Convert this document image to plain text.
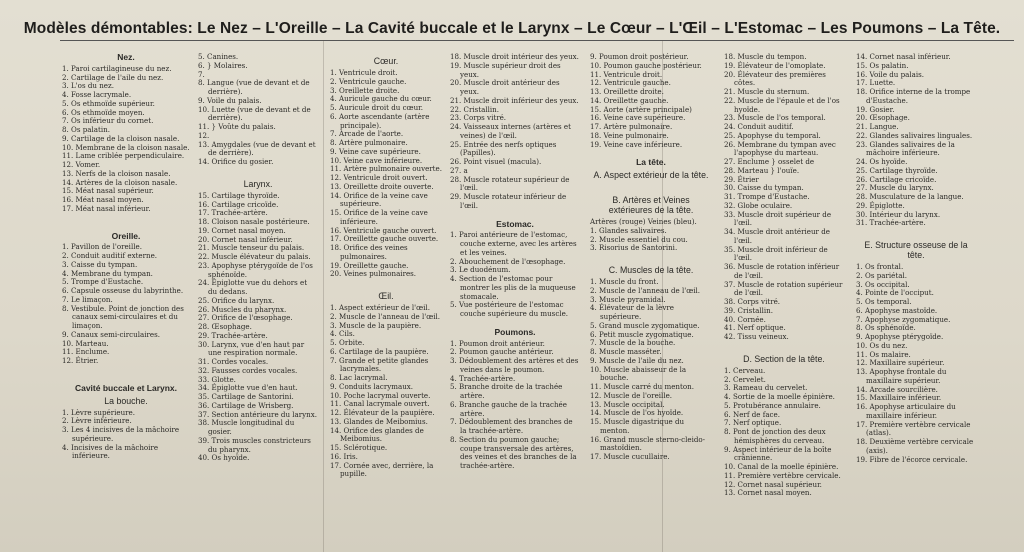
Modèles démontables: Le Nez – L'Oreille – La Cavité buccale et le Larynx – Le Cœur – L'Œil – L'Estomac – Les Poumons – La Tête.
Nez.
1. Paroi cartilagineuse du nez.
2. Cartilage de l'aile du nez.
3. L'os du nez.
4. Fosse lacrymale.
5. Os ethmoïde supérieur.
6. Os ethmoïde moyen.
7. Os inférieur du cornet.
8. Os palatin.
9. Cartilage de la cloison nasale.
10. Membrane de la cloison nasale.
11. Lame criblée perpendiculaire.
12. Vomer.
13. Nerfs de la cloison nasale.
14. Artères de la cloison nasale.
15. Méat nasal supérieur.
16. Méat nasal moyen.
17. Méat nasal inférieur.
Oreille.
1. Pavillon de l'oreille.
2. Conduit auditif externe.
3. Caisse du tympan.
4. Membrane du tympan.
5. Trompe d'Eustache.
6. Capsule osseuse du labyrinthe.
7. Le limaçon.
8. Vestibule. Point de jonction des canaux semi-circulaires et du limaçon.
9. Canaux semi-circulaires.
10. Marteau.
11. Enclume.
12. Étrier.
Cavité buccale et Larynx.
La bouche.
1. Lèvre supérieure.
2. Lèvre inférieure.
3. Les 4 incisives de la mâchoire supérieure.
4. Incisives de la mâchoire inférieure.
5. Canines.
6. } Molaires.
7.
8. Langue (vue de devant et de derrière).
9. Voile du palais.
10. Luette (vue de devant et de derrière).
11. } Voûte du palais.
12.
13. Amygdales (vue de devant et de derrière).
14. Orifice du gosier.
Larynx.
15. Cartilage thyroïde.
16. Cartilage cricoïde.
17. Trachée-artère.
18. Cloison nasale postérieure.
19. Cornet nasal moyen.
20. Cornet nasal inférieur.
21. Muscle tenseur du palais.
22. Muscle élévateur du palais.
23. Apophyse ptérygoïde de l'os sphénoïde.
24. Épiglotte vue du dehors et du dedans.
25. Orifice du larynx.
26. Muscles du pharynx.
27. Orifice de l'œsophage.
28. Œsophage.
29. Trachée-artère.
30. Larynx, vue d'en haut par une respiration normale.
31. Cordes vocales.
32. Fausses cordes vocales.
33. Glotte.
34. Épiglotte vue d'en haut.
35. Cartilage de Santorini.
36. Cartilage de Wrisberg.
37. Section antérieure du larynx.
38. Muscle longitudinal du gosier.
39. Trois muscles constricteurs du pharynx.
40. Os hyoïde.
Cœur.
1. Ventricule droit.
2. Ventricule gauche.
3. Oreillette droite.
4. Auricule gauche du cœur.
5. Auricule droit du cœur.
6. Aorte ascendante (artère principale).
7. Arcade de l'aorte.
8. Artère pulmonaire.
9. Veine cave supérieure.
10. Veine cave inférieure.
11. Artère pulmonaire ouverte.
12. Ventricule droit ouvert.
13. Oreillette droite ouverte.
14. Orifice de la veine cave supérieure.
15. Orifice de la veine cave inférieure.
16. Ventricule gauche ouvert.
17. Oreillette gauche ouverte.
18. Orifice des veines pulmonaires.
19. Oreillette gauche.
20. Veines pulmonaires.
Œil.
1. Aspect extérieur de l'œil.
2. Muscle de l'anneau de l'œil.
3. Muscle de la paupière.
4. Cils.
5. Orbite.
6. Cartilage de la paupière.
7. Grande et petite glandes lacrymales.
8. Lac lacrymal.
9. Conduits lacrymaux.
10. Poche lacrymal ouverte.
11. Canal lacrymale ouvert.
12. Élévateur de la paupière.
13. Glandes de Meibomius.
14. Orifice des glandes de Meibomius.
15. Sclérotique.
16. Iris.
17. Cornée avec, derrière, la pupille.
18. Muscle droit intérieur des yeux.
19. Muscle supérieur droit des yeux.
20. Muscle droit antérieur des yeux.
21. Muscle droit inférieur des yeux.
22. Cristallin.
23. Corps vitré.
24. Vaisseaux internes (artères et veines) de l'œil.
25. Entrée des nerfs optiques (Papilles).
26. Point visuel (macula).
27. a
28. Muscle rotateur supérieur de l'œil.
29. Muscle rotateur inférieur de l'œil.
Estomac.
1. Paroi antérieure de l'estomac, couche externe, avec les artères et les veines.
2. Abouchement de l'œsophage.
3. Le duodénum.
4. Section de l'estomac pour montrer les plis de la muqueuse stomacale.
5. Vue postérieure de l'estomac couche supérieure du muscle.
Poumons.
1. Poumon droit antérieur.
2. Poumon gauche antérieur.
3. Dédoublement des artères et des veines dans le poumon.
4. Trachée-artère.
5. Branche droite de la trachée artère.
6. Branche gauche de la trachée artère.
7. Dédoublement des branches de la trachée-artère.
8. Section du poumon gauche; coupe transversale des artères, des veines et des branches de la trachée-artère.
9. Poumon droit postérieur.
10. Poumon gauche postérieur.
11. Ventricule droit.
12. Ventricule gauche.
13. Oreillette droite.
14. Oreillette gauche.
15. Aorte (artère principale)
16. Veine cave supérieure.
17. Artère pulmonaire.
18. Veine pulmonaire.
19. Veine cave inférieure.
La tête.
A. Aspect extérieur de la tête.
B. Artères et Veines extérieures de la tête.
Artères (rouge) Veines (bleu).
1. Glandes salivaires.
2. Muscle essentiel du cou.
3. Risorius de Santorini.
C. Muscles de la tête.
1. Muscle du front.
2. Muscle de l'anneau de l'œil.
3. Muscle pyramidal.
4. Élévateur de la lèvre supérieure.
5. Grand muscle zygomatique.
6. Petit muscle zygomatique.
7. Muscle de la bouche.
8. Muscle masséter.
9. Muscle de l'aile du nez.
10. Muscle abaisseur de la bouche.
11. Muscle carré du menton.
12. Muscle de l'oreille.
13. Muscle occipital.
14. Muscle de l'os hyoïde.
15. Muscle digastrique du menton.
16. Grand muscle sterno-cleido-mastoïdien.
17. Muscle cucullaire.
18. Muscle du tempon.
19. Élévateur de l'omoplate.
20. Élévateur des premières côtes.
21. Muscle du sternum.
22. Muscle de l'épaule et de l'os hyoïde.
23. Muscle de l'os temporal.
24. Conduit auditif.
25. Apophyse du temporal.
26. Membrane du tympan avec l'apophyse du marteau.
27. Enclume } osselet de
28. Marteau } l'ouïe.
29. Étrier
30. Caisse du tympan.
31. Trompe d'Eustache.
32. Globe oculaire.
33. Muscle droit supérieur de l'œil.
34. Muscle droit antérieur de l'œil.
35. Muscle droit inférieur de l'œil.
36. Muscle de rotation inférieur de l'œil.
37. Muscle de rotation supérieur de l'œil.
38. Corps vitré.
39. Cristallin.
40. Cornée.
41. Nerf optique.
42. Tissu veineux.
D. Section de la tête.
1. Cerveau.
2. Cervelet.
3. Rameau du cervelet.
4. Sortie de la moelle épinière.
5. Protubérance annulaire.
6. Nerf de face.
7. Nerf optique.
8. Pont de jonction des deux hémisphères du cerveau.
9. Aspect intérieur de la boîte crânienne.
10. Canal de la moelle épinière.
11. Première vertèbre cervicale.
12. Cornet nasal supérieur.
13. Cornet nasal moyen.
14. Cornet nasal inférieur.
15. Os palatin.
16. Voile du palais.
17. Luette.
18. Orifice interne de la trompe d'Eustache.
19. Gosier.
20. Œsophage.
21. Langue.
22. Glandes salivaires linguales.
23. Glandes salivaires de la mâchoire inférieure.
24. Os hyoïde.
25. Cartilage thyroïde.
26. Cartilage cricoïde.
27. Muscle du larynx.
28. Musculature de la langue.
29. Épiglotte.
30. Intérieur du larynx.
31. Trachée-artère.
E. Structure osseuse de la tête.
1. Os frontal.
2. Os pariétal.
3. Os occipital.
4. Pointe de l'occiput.
5. Os temporal.
6. Apophyse mastoïde.
7. Apophyse zygomatique.
8. Os sphénoïde.
9. Apophyse ptérygoïde.
10. Os du nez.
11. Os malaire.
12. Maxillaire supérieur.
13. Apophyse frontale du maxillaire supérieur.
14. Arcade sourcilière.
15. Maxillaire inférieur.
16. Apophyse articulaire du maxillaire inférieur.
17. Première vertèbre cervicale (atlas).
18. Deuxième vertèbre cervicale (axis).
19. Fibre de l'écorce cervicale.
